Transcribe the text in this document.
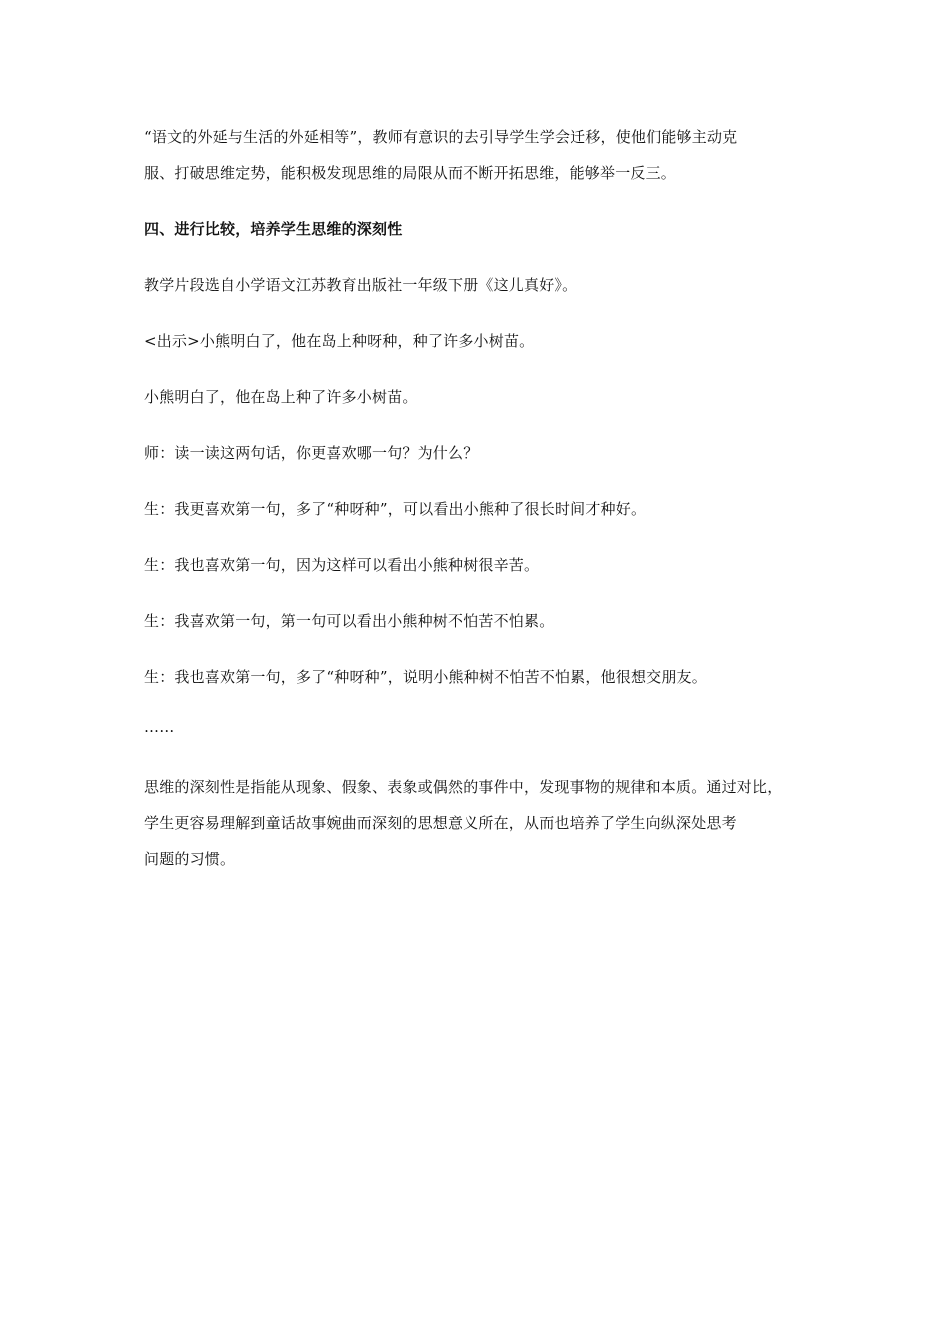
“语文的外延与生活的外延相等”，教师有意识的去引导学生学会迁移，使他们能够主动克
服、打破思维定势，能积极发现思维的局限从而不断开拓思维，能够举一反三。
四、进行比较，培养学生思维的深刻性
教学片段选自小学语文江苏教育出版社一年级下册《这儿真好》。
<出示>小熊明白了，他在岛上种呀种，种了许多小树苗。
小熊明白了，他在岛上种了许多小树苗。
师：读一读这两句话，你更喜欢哪一句？为什么？
生：我更喜欢第一句，多了“种呀种”，可以看出小熊种了很长时间才种好。
生：我也喜欢第一句，因为这样可以看出小熊种树很辛苦。
生：我喜欢第一句，第一句可以看出小熊种树不怕苦不怕累。
生：我也喜欢第一句，多了“种呀种”，说明小熊种树不怕苦不怕累，他很想交朋友。
……
思维的深刻性是指能从现象、假象、表象或偶然的事件中，发现事物的规律和本质。通过对比，
学生更容易理解到童话故事婉曲而深刻的思想意义所在，从而也培养了学生向纵深处思考
问题的习惯。
